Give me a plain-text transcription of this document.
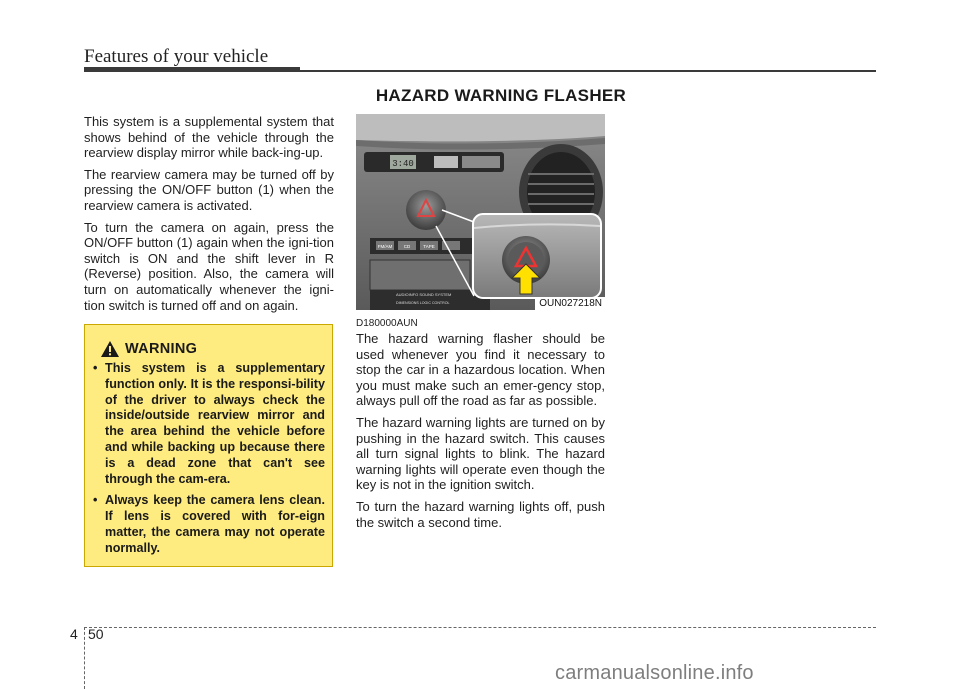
Features of your vehicle

This system is a supplemental system that shows behind of the vehicle through the rearview display mirror while back-ing-up.

The rearview camera may be turned off by pressing the ON/OFF button (1) when the rearview camera is activated.

To turn the camera on again, press the ON/OFF button (1) again when the igni-tion switch is ON and the shift lever in R (Reverse) position. Also, the camera will turn on automatically whenever the igni-tion switch is turned off and on again.

WARNING
• This system is a supplementary function only. It is the responsi-bility of the driver to always check the inside/outside rearview mirror and the area behind the vehicle before and while backing up because there is a dead zone that can't see through the cam-era.
• Always keep the camera lens clean. If lens is covered with for-eign matter, the camera may not operate normally.
HAZARD WARNING FLASHER
3:40
FM/AM	CD	TAPE
AUDIOINFO SOUND SYSTEM
DIMENSIONS LOGIC CONTROL	OUN027218N
D180000AUN

The hazard warning flasher should be used whenever you find it necessary to stop the car in a hazardous location. When you must make such an emer-gency stop, always pull off the road as far as possible.

The hazard warning lights are turned on by pushing in the hazard switch. This causes all turn signal lights to blink. The hazard warning lights will operate even though the key is not in the ignition switch.

To turn the hazard warning lights off, push the switch a second time.

4 50
carmanualsonline.info
